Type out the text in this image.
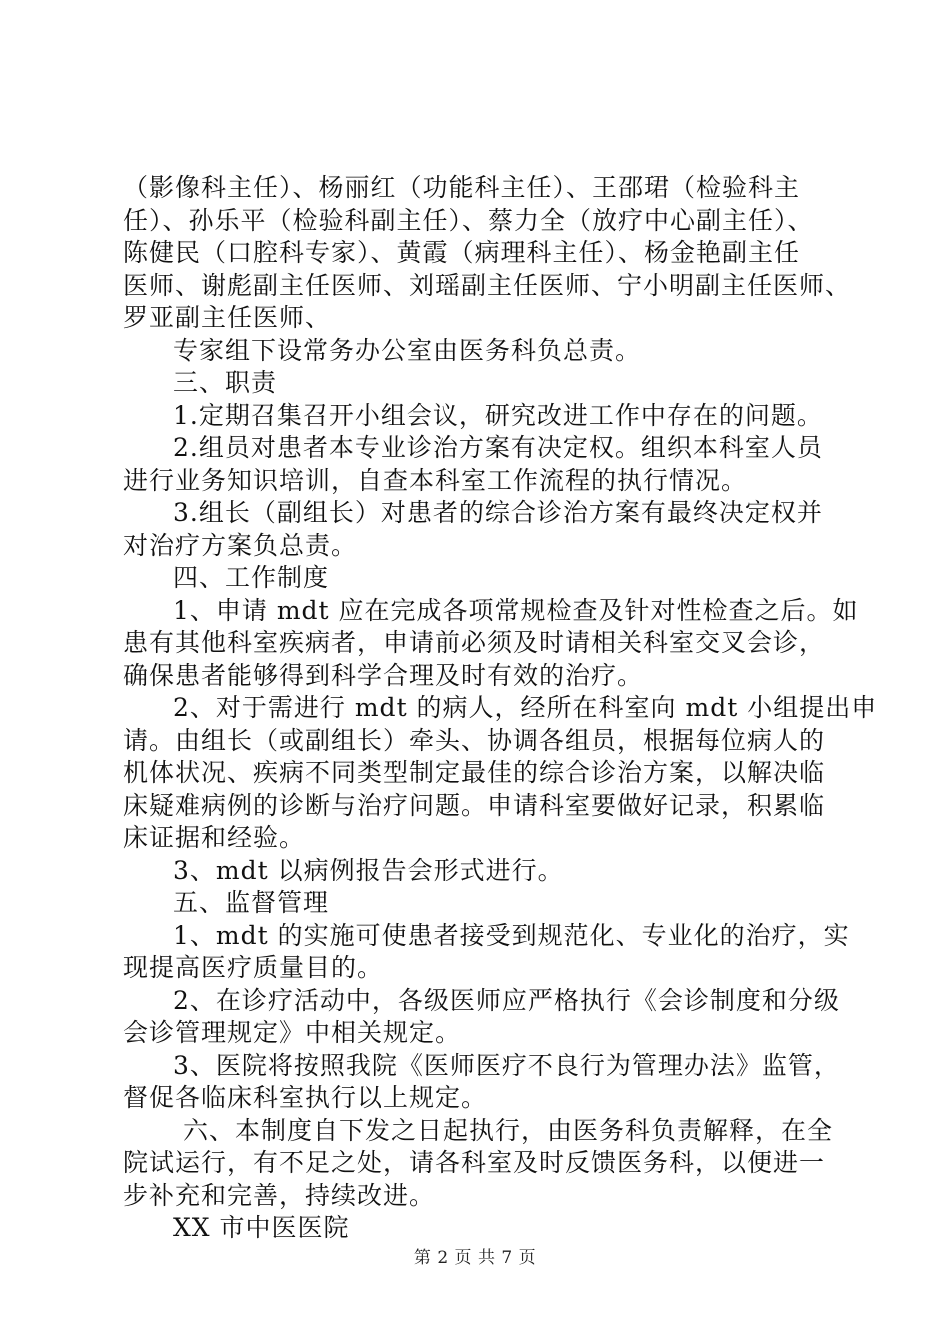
（影像科主任）、杨丽红（功能科主任）、王邵珺（检验科主
任）、孙乐平（检验科副主任）、蔡力全（放疗中心副主任）、
陈健民（口腔科专家）、黄霞（病理科主任）、杨金艳副主任
医师、谢彪副主任医师、刘瑶副主任医师、宁小明副主任医师、
罗亚副主任医师、
专家组下设常务办公室由医务科负总责。
三、职责
1.定期召集召开小组会议，研究改进工作中存在的问题。
2.组员对患者本专业诊治方案有决定权。组织本科室人员
进行业务知识培训，自查本科室工作流程的执行情况。
3.组长（副组长）对患者的综合诊治方案有最终决定权并
对治疗方案负总责。
四、工作制度
1、申请 mdt 应在完成各项常规检查及针对性检查之后。如
患有其他科室疾病者，申请前必须及时请相关科室交叉会诊，
确保患者能够得到科学合理及时有效的治疗。
2、对于需进行 mdt 的病人，经所在科室向 mdt 小组提出申
请。由组长（或副组长）牵头、协调各组员，根据每位病人的
机体状况、疾病不同类型制定最佳的综合诊治方案，以解决临
床疑难病例的诊断与治疗问题。申请科室要做好记录，积累临
床证据和经验。
3、mdt 以病例报告会形式进行。
五、监督管理
1、mdt 的实施可使患者接受到规范化、专业化的治疗，实
现提高医疗质量目的。
2、在诊疗活动中，各级医师应严格执行《会诊制度和分级
会诊管理规定》中相关规定。
3、医院将按照我院《医师医疗不良行为管理办法》监管，
督促各临床科室执行以上规定。
六、本制度自下发之日起执行，由医务科负责解释，在全
院试运行，有不足之处，请各科室及时反馈医务科，以便进一
步补充和完善，持续改进。
XX 市中医医院
第 2 页 共 7 页
